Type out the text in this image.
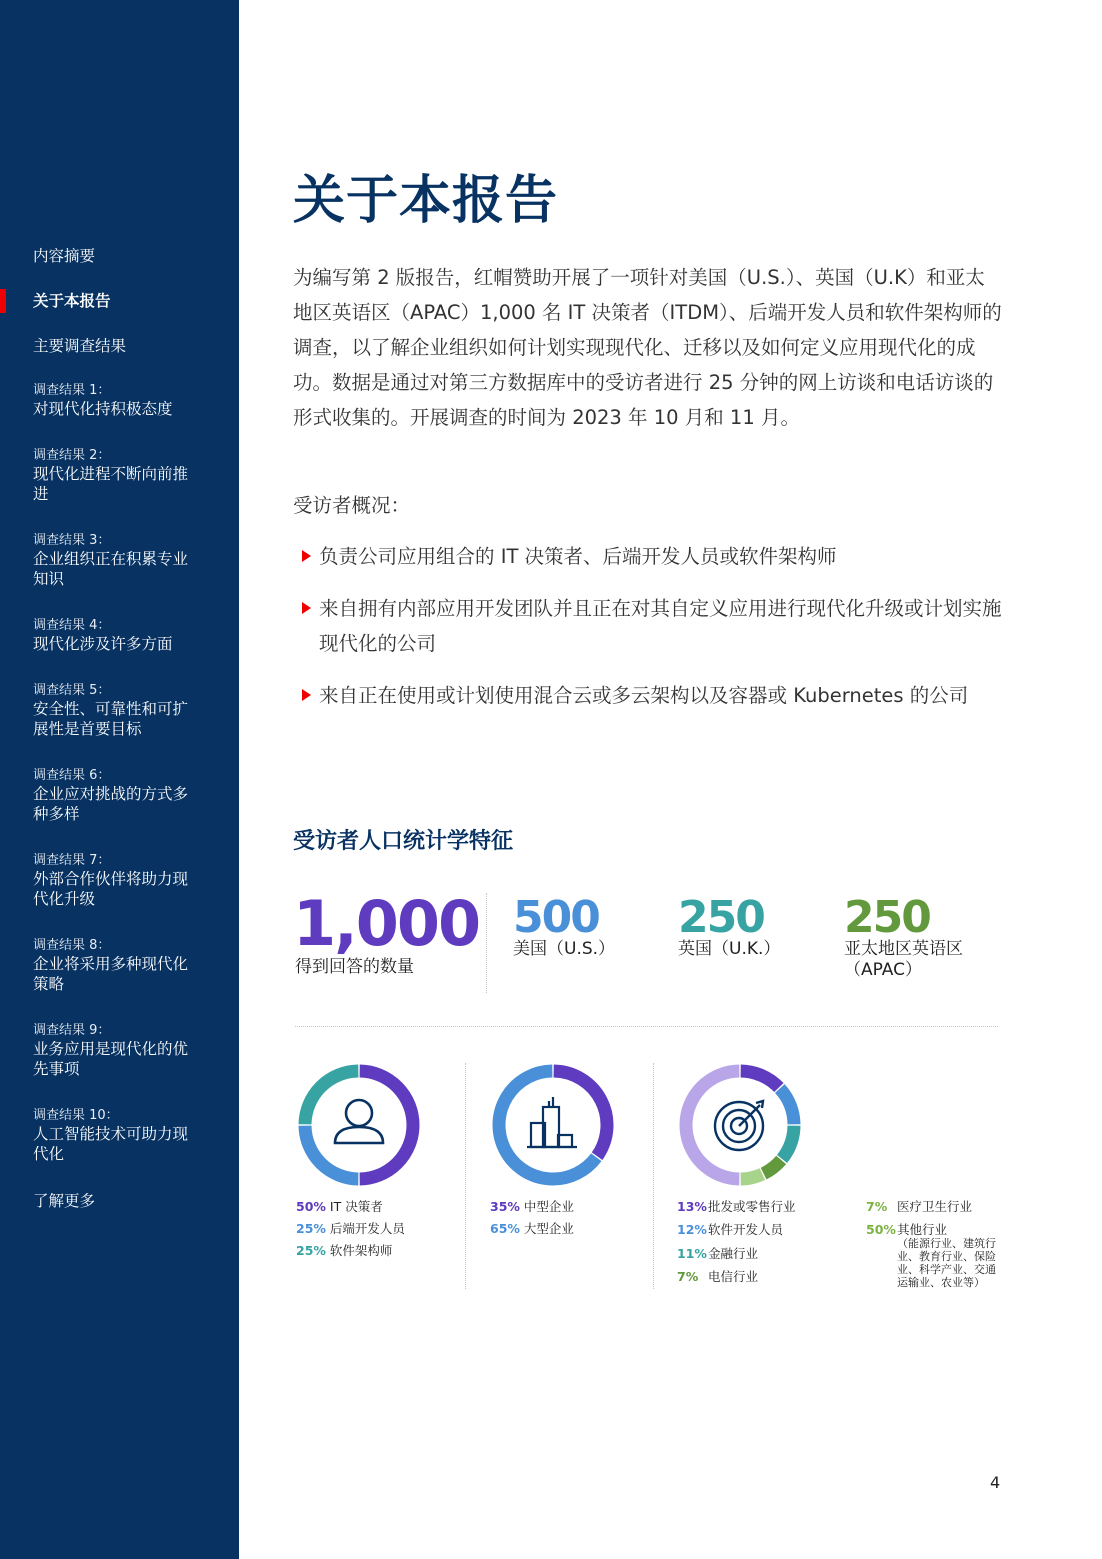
内容摘要
关于本报告
主要调查结果
调查结果 1：
对现代化持积极态度
调查结果 2：
现代化进程不断向前推进
调查结果 3：
企业组织正在积累专业知识
调查结果 4：
现代化涉及许多方面
调查结果 5：
安全性、可靠性和可扩展性是首要目标
调查结果 6：
企业应对挑战的方式多种多样
调查结果 7：
外部合作伙伴将助力现代化升级
调查结果 8：
企业将采用多种现代化策略
调查结果 9：
业务应用是现代化的优先事项
调查结果 10：
人工智能技术可助力现代化
了解更多
关于本报告

为编写第 2 版报告，红帽赞助开展了一项针对美国（U.S.）、英国（U.K）和亚太地区英语区（APAC）1,000 名 IT 决策者（ITDM）、后端开发人员和软件架构师的调查，以了解企业组织如何计划实现现代化、迁移以及如何定义应用现代化的成功。数据是通过对第三方数据库中的受访者进行 25 分钟的网上访谈和电话访谈的形式收集的。开展调查的时间为 2023 年 10 月和 11 月。

受访者概况：

负责公司应用组合的 IT 决策者、后端开发人员或软件架构师
来自拥有内部应用开发团队并且正在对其自定义应用进行现代化升级或计划实施现代化的公司
来自正在使用或计划使用混合云或多云架构以及容器或 Kubernetes 的公司
受访者人口统计学特征
1,000
得到回答的数量
500
美国（U.S.）
250
英国（U.K.）
250
亚太地区英语区（APAC）
50% IT 决策者
25% 后端开发人员
25% 软件架构师
35% 中型企业
65% 大型企业
13%批发或零售行业
12%软件开发人员
11%金融行业
7% 电信行业
7% 医疗卫生行业
50%其他行业
（能源行业、建筑行业、教育行业、保险业、科学产业、交通运输业、农业等）
4
